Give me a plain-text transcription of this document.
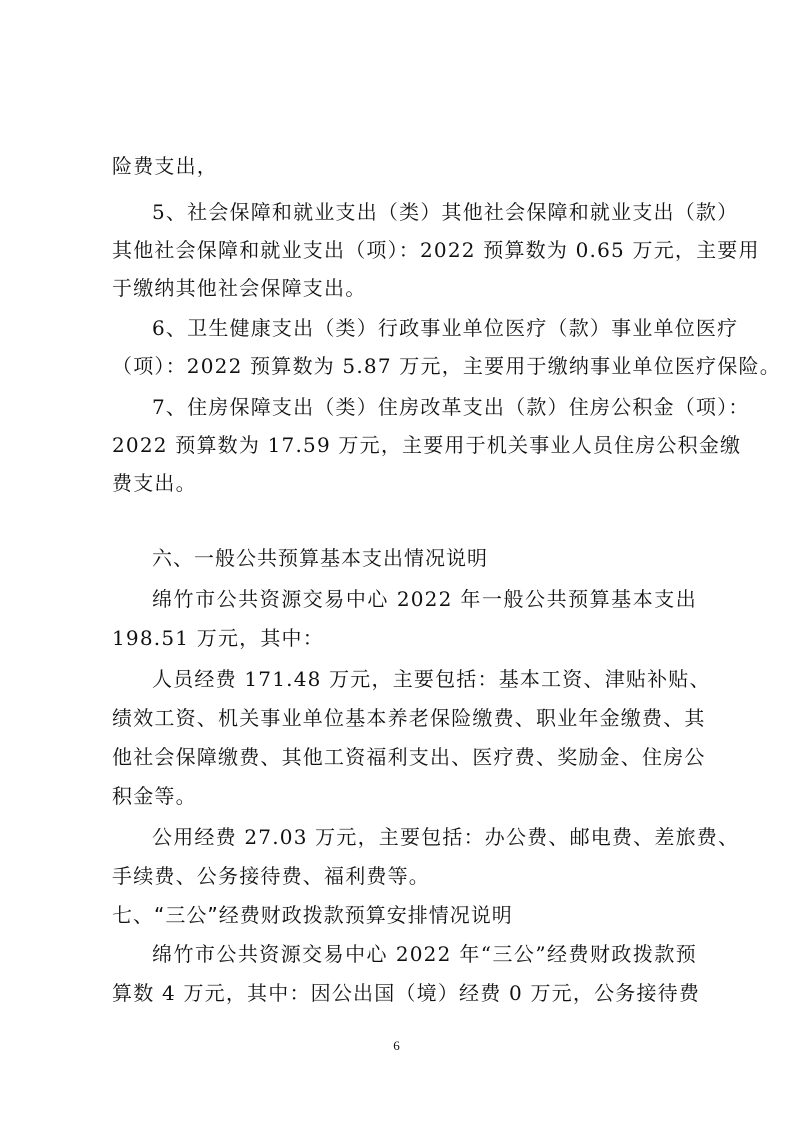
险费支出，
5、社会保障和就业支出（类）其他社会保障和就业支出（款）
其他社会保障和就业支出（项）：2022 预算数为 0.65 万元，主要用
于缴纳其他社会保障支出。
6、卫生健康支出（类）行政事业单位医疗（款）事业单位医疗
（项）：2022 预算数为 5.87 万元，主要用于缴纳事业单位医疗保险。
7、住房保障支出（类）住房改革支出（款）住房公积金（项）：
2022 预算数为 17.59 万元，主要用于机关事业人员住房公积金缴
费支出。
六、一般公共预算基本支出情况说明
绵竹市公共资源交易中心 2022 年一般公共预算基本支出
198.51 万元，其中：
人员经费 171.48 万元，主要包括：基本工资、津贴补贴、
绩效工资、机关事业单位基本养老保险缴费、职业年金缴费、其
他社会保障缴费、其他工资福利支出、医疗费、奖励金、住房公
积金等。
公用经费 27.03 万元，主要包括：办公费、邮电费、差旅费、
手续费、公务接待费、福利费等。
七、“三公”经费财政拨款预算安排情况说明
绵竹市公共资源交易中心 2022 年“三公”经费财政拨款预
算数 4 万元，其中：因公出国（境）经费 0 万元，公务接待费
6
